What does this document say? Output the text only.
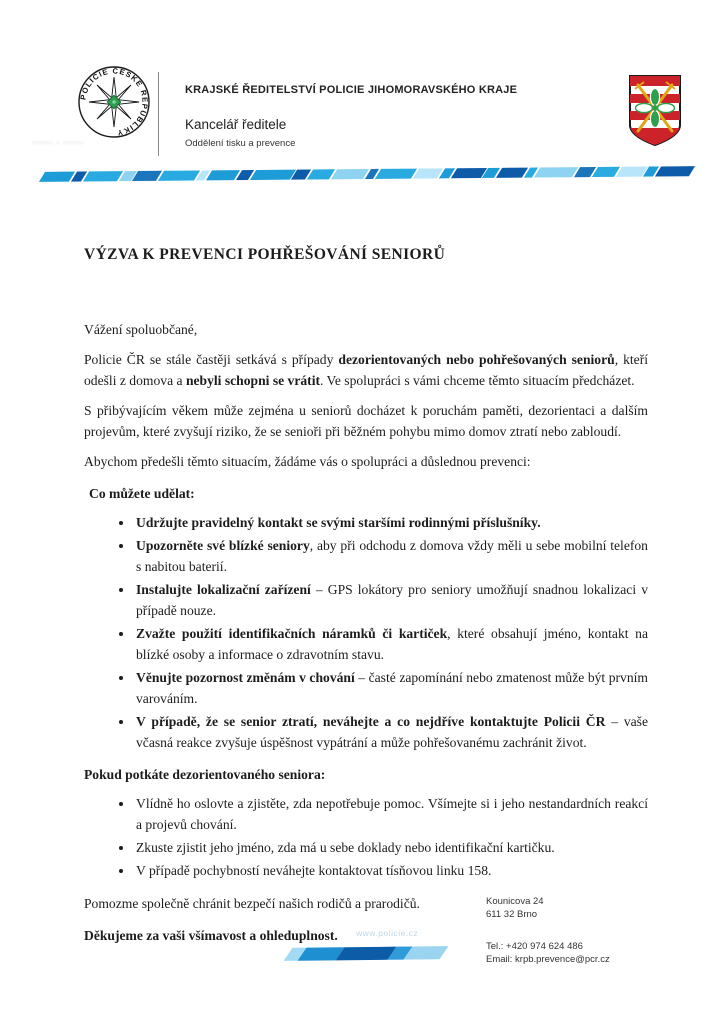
POLICIE ČESKÉ REPUBLIKY
▪▪▪▪▪▪ ▪ ▪▪▪▪▪▪
KRAJSKÉ ŘEDITELSTVÍ POLICIE JIHOMORAVSKÉHO KRAJE
Kancelář ředitele
Oddělení tisku a prevence
VÝZVA K PREVENCI POHŘEŠOVÁNÍ SENIORŮ

Vážení spoluobčané,

Policie ČR se stále častěji setkává s případy dezorientovaných nebo pohřešovaných seniorů, kteří odešli z domova a nebyli schopni se vrátit. Ve spolupráci s vámi chceme těmto situacím předcházet.

S přibývajícím věkem může zejména u seniorů docházet k poruchám paměti, dezorientaci a dalším projevům, které zvyšují riziko, že se senioři při běžném pohybu mimo domov ztratí nebo zabloudí.

Abychom předešli těmto situacím, žádáme vás o spolupráci a důslednou prevenci:

Co můžete udělat:

• Udržujte pravidelný kontakt se svými staršími rodinnými příslušníky.
• Upozorněte své blízké seniory, aby při odchodu z domova vždy měli u sebe mobilní telefon s nabitou baterií.
• Instalujte lokalizační zařízení – GPS lokátory pro seniory umožňují snadnou lokalizaci v případě nouze.
• Zvažte použití identifikačních náramků či kartiček, které obsahují jméno, kontakt na blízké osoby a informace o zdravotním stavu.
• Věnujte pozornost změnám v chování – časté zapomínání nebo zmatenost může být prvním varováním.
• V případě, že se senior ztratí, neváhejte a co nejdříve kontaktujte Policii ČR – vaše včasná reakce zvyšuje úspěšnost vypátrání a může pohřešovanému zachránit život.

Pokud potkáte dezorientovaného seniora:

• Vlídně ho oslovte a zjistěte, zda nepotřebuje pomoc. Všímejte si i jeho nestandardních reakcí a projevů chování.
• Zkuste zjistit jeho jméno, zda má u sebe doklady nebo identifikační kartičku.
• V případě pochybností neváhejte kontaktovat tísňovou linku 158.

Pomozme společně chránit bezpečí našich rodičů a prarodičů.

Děkujeme za vaši všímavost a ohleduplnost.

Kounicova 24
611 32 Brno
Tel.: +420 974 624 486
Email: krpb.prevence@pcr.cz
www.policie.cz
